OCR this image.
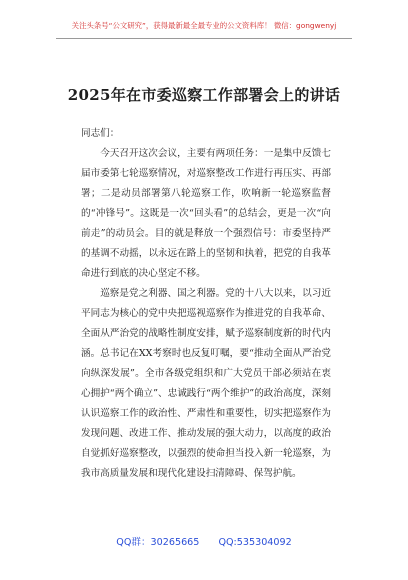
关注头条号“公文研究”，获得最新最全最专业的公文资料库！ 微信：gongwenyj
2025年在市委巡察工作部署会上的讲话

同志们：

今天召开这次会议，主要有两项任务：一是集中反馈七届市委第七轮巡察情况，对巡察整改工作进行再压实、再部署；二是动员部署第八轮巡察工作，吹响新一轮巡察监督的“冲锋号”。这既是一次“回头看”的总结会，更是一次“向前走”的动员会。目的就是释放一个强烈信号：市委坚持严的基调不动摇，以永远在路上的坚韧和执着，把党的自我革命进行到底的决心坚定不移。

巡察是党之利器、国之利器。党的十八大以来，以习近平同志为核心的党中央把巡视巡察作为推进党的自我革命、全面从严治党的战略性制度安排，赋予巡察制度新的时代内涵。总书记在XX考察时也反复叮嘱，要“推动全面从严治党向纵深发展”。全市各级党组织和广大党员干部必须站在衷心拥护“两个确立”、忠诚践行“两个维护”的政治高度，深刻认识巡察工作的政治性、严肃性和重要性，切实把巡察作为发现问题、改进工作、推动发展的强大动力，以高度的政治自觉抓好巡察整改，以强烈的使命担当投入新一轮巡察，为我市高质量发展和现代化建设扫清障碍、保驾护航。

QQ群：30265665 QQ:535304092
